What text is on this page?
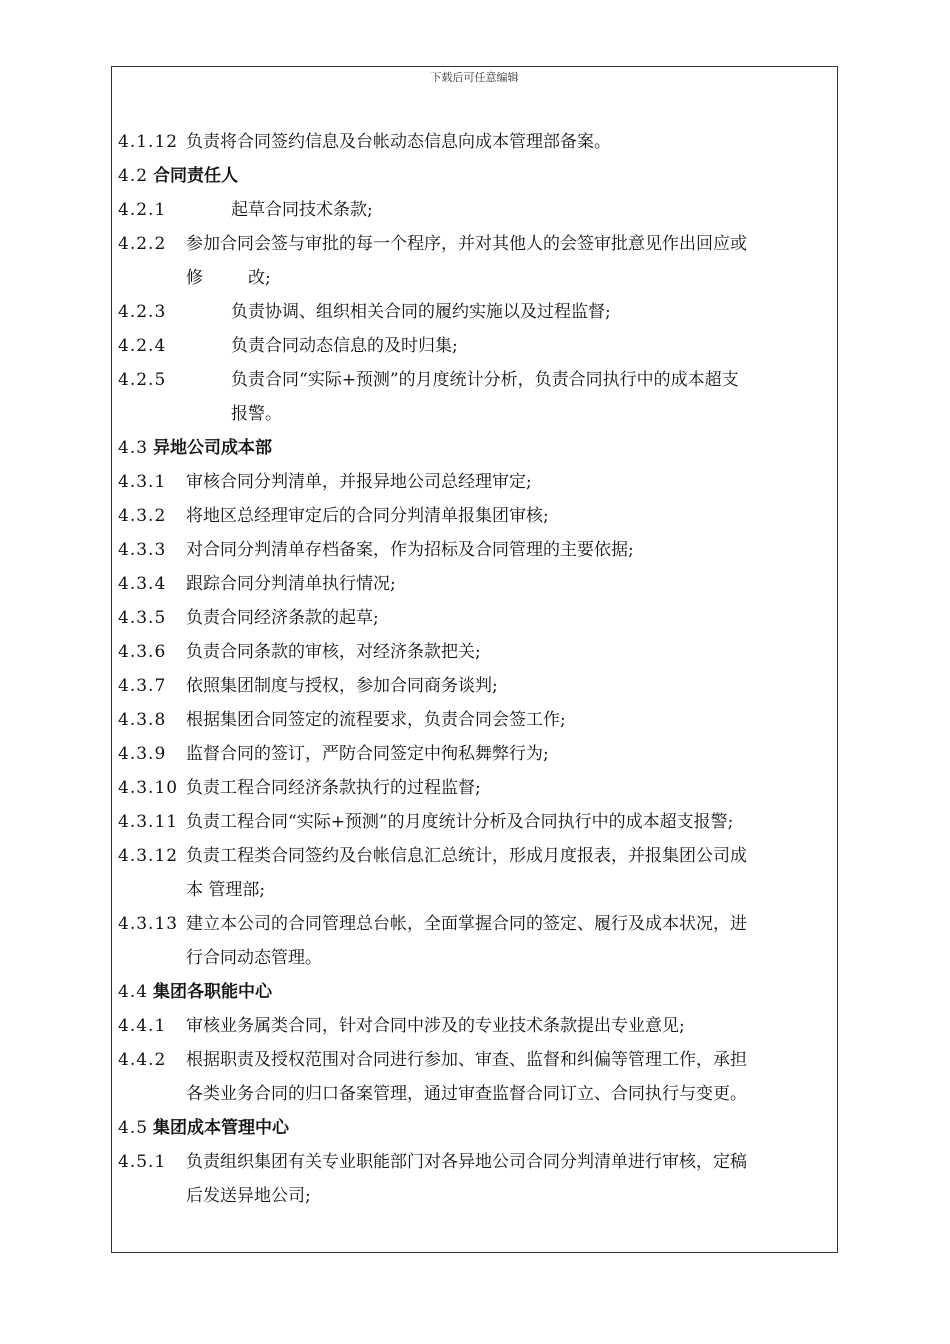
下载后可任意编辑
4.1.12 负责将合同签约信息及台帐动态信息向成本管理部备案。
4.2 合同责任人
4.2.1	起草合同技术条款;
4.2.2 参加合同会签与审批的每一个程序，并对其他人的会签审批意见作出回应或
修	改;
4.2.3	负责协调、组织相关合同的履约实施以及过程监督;
4.2.4	负责合同动态信息的及时归集;
4.2.5	负责合同“实际+预测”的月度统计分析，负责合同执行中的成本超支
报警。
4.3 异地公司成本部
4.3.1 审核合同分判清单，并报异地公司总经理审定;
4.3.2 将地区总经理审定后的合同分判清单报集团审核;
4.3.3 对合同分判清单存档备案，作为招标及合同管理的主要依据;
4.3.4 跟踪合同分判清单执行情况;
4.3.5 负责合同经济条款的起草;
4.3.6 负责合同条款的审核，对经济条款把关;
4.3.7 依照集团制度与授权，参加合同商务谈判;
4.3.8 根据集团合同签定的流程要求，负责合同会签工作;
4.3.9 监督合同的签订，严防合同签定中徇私舞弊行为;
4.3.10 负责工程合同经济条款执行的过程监督;
4.3.11 负责工程合同“实际+预测”的月度统计分析及合同执行中的成本超支报警;
4.3.12 负责工程类合同签约及台帐信息汇总统计，形成月度报表，并报集团公司成
本 管理部;
4.3.13 建立本公司的合同管理总台帐，全面掌握合同的签定、履行及成本状况，进
行合同动态管理。
4.4 集团各职能中心
4.4.1 审核业务属类合同，针对合同中涉及的专业技术条款提出专业意见;
4.4.2 根据职责及授权范围对合同进行参加、审查、监督和纠偏等管理工作，承担
各类业务合同的归口备案管理，通过审查监督合同订立、合同执行与变更。
4.5 集团成本管理中心
4.5.1 负责组织集团有关专业职能部门对各异地公司合同分判清单进行审核，定稿
后发送异地公司;
